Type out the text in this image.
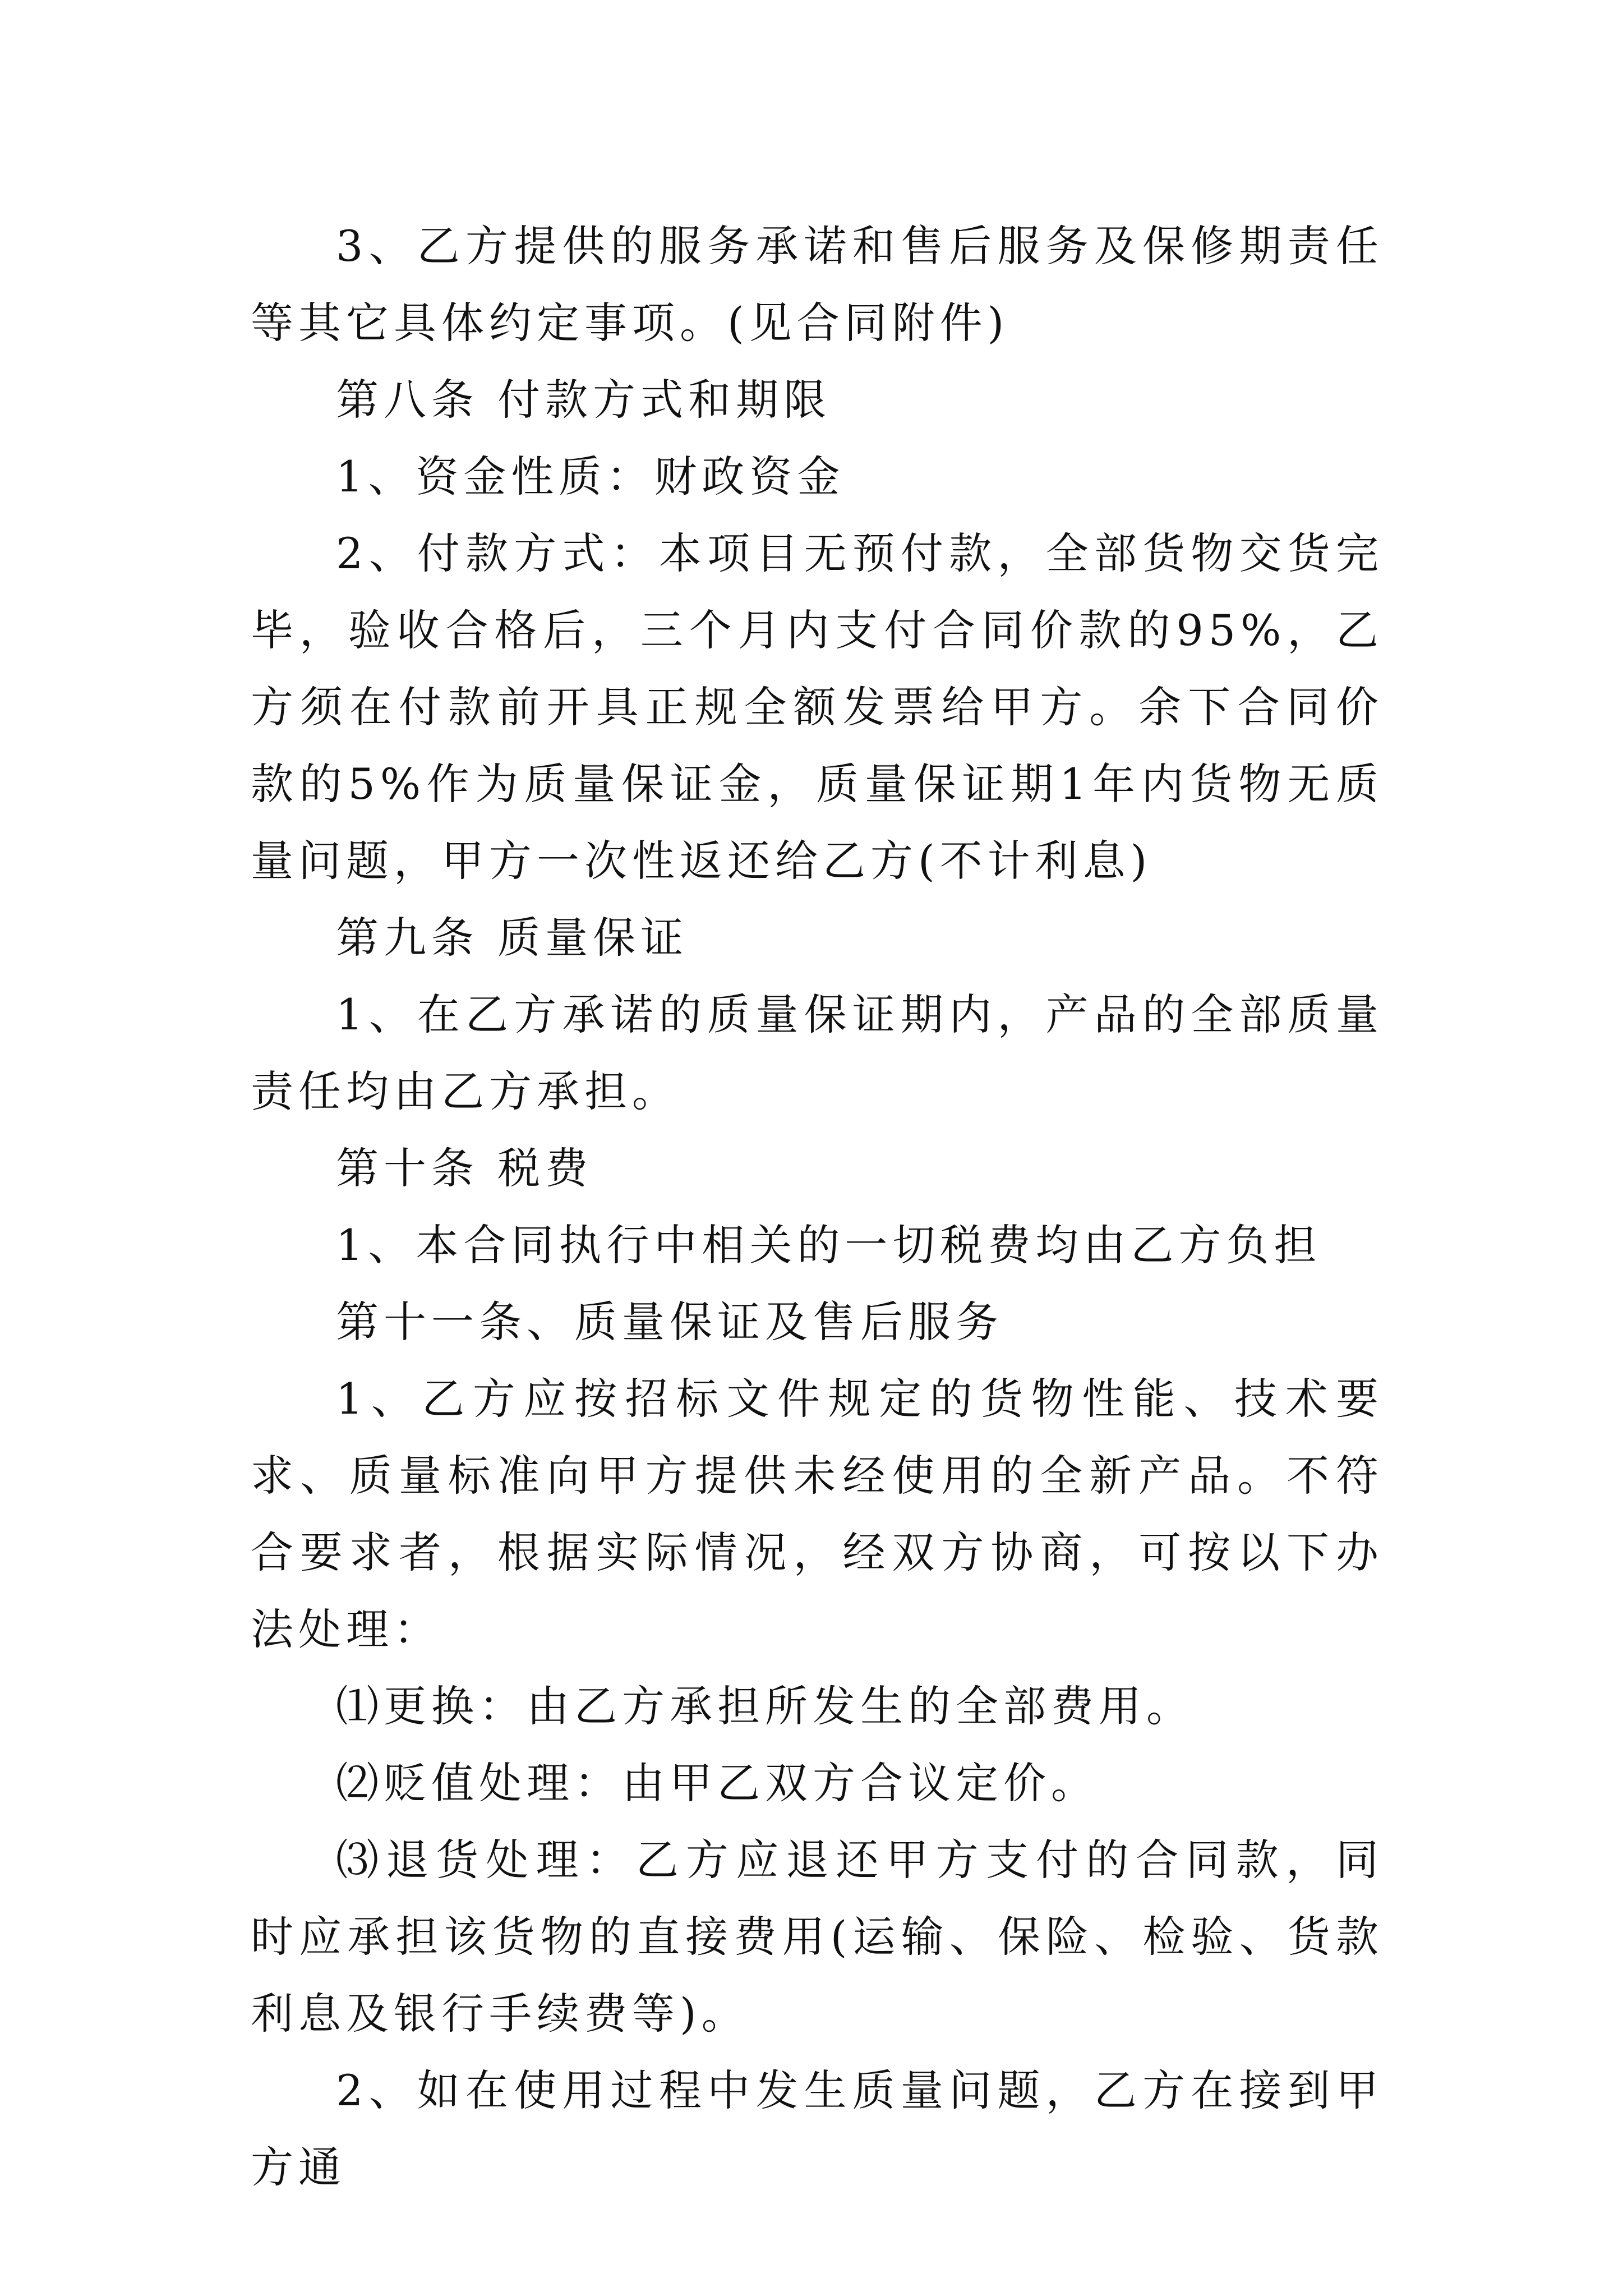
3、乙方提供的服务承诺和售后服务及保修期责任等其它具体约定事项。(见合同附件)

第八条 付款方式和期限

1、资金性质：财政资金

2、付款方式：本项目无预付款，全部货物交货完毕，验收合格后，三个月内支付合同价款的95%，乙方须在付款前开具正规全额发票给甲方。余下合同价款的5%作为质量保证金，质量保证期1年内货物无质量问题，甲方一次性返还给乙方(不计利息)

第九条 质量保证

1、在乙方承诺的质量保证期内，产品的全部质量责任均由乙方承担。

第十条 税费

1、本合同执行中相关的一切税费均由乙方负担

第十一条、质量保证及售后服务

1、乙方应按招标文件规定的货物性能、技术要求、质量标准向甲方提供未经使用的全新产品。不符合要求者，根据实际情况，经双方协商，可按以下办法处理：

⑴更换：由乙方承担所发生的全部费用。

⑵贬值处理：由甲乙双方合议定价。

⑶退货处理：乙方应退还甲方支付的合同款，同时应承担该货物的直接费用(运输、保险、检验、货款利息及银行手续费等)。

2、如在使用过程中发生质量问题，乙方在接到甲方通
